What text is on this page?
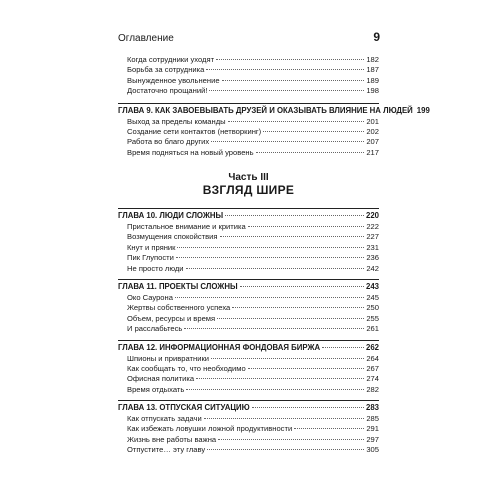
Оглавление	9
Когда сотрудники уходят	182
Борьба за сотрудника	187
Вынужденное увольнение	189
Достаточно прощаний!	198
ГЛАВА 9. КАК ЗАВОЕВЫВАТЬ ДРУЗЕЙ И ОКАЗЫВАТЬ ВЛИЯНИЕ НА ЛЮДЕЙ 199
Выход за пределы команды	201
Создание сети контактов (нетворкинг)	202
Работа во благо других	207
Время подняться на новый уровень	217
Часть III
ВЗГЛЯД ШИРЕ
ГЛАВА 10. ЛЮДИ СЛОЖНЫ	220
Пристальное внимание и критика	222
Возмущения спокойствия	227
Кнут и пряник	231
Пик Глупости	236
Не просто люди	242
ГЛАВА 11. ПРОЕКТЫ СЛОЖНЫ	243
Око Саурона	245
Жертвы собственного успеха	250
Объем, ресурсы и время	255
И расслабьтесь	261
ГЛАВА 12. ИНФОРМАЦИОННАЯ ФОНДОВАЯ БИРЖА	262
Шпионы и привратники	264
Как сообщать то, что необходимо	267
Офисная политика	274
Время отдыхать	282
ГЛАВА 13. ОТПУСКАЯ СИТУАЦИЮ	283
Как отпускать задачи	285
Как избежать ловушки ложной продуктивности	291
Жизнь вне работы важна	297
Отпустите… эту главу	305
